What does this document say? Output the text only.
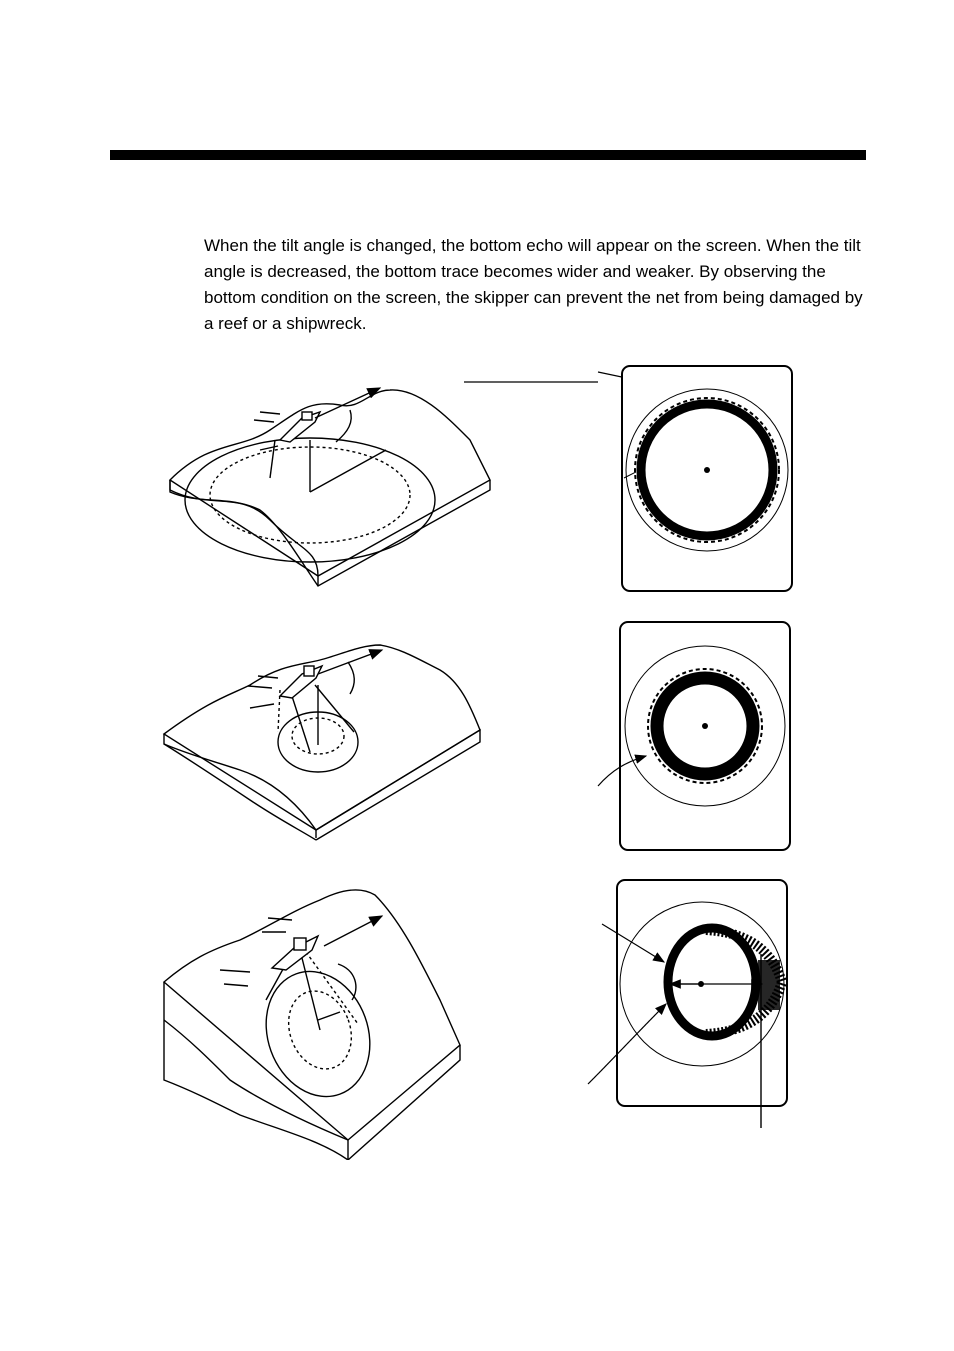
When the tilt angle is changed, the bottom echo will appear on the screen. When the tilt angle is decreased, the bottom trace becomes wider and weaker. By observing the bottom condition on the screen, the skipper can prevent the net from being damaged by a reef or a shipwreck.
